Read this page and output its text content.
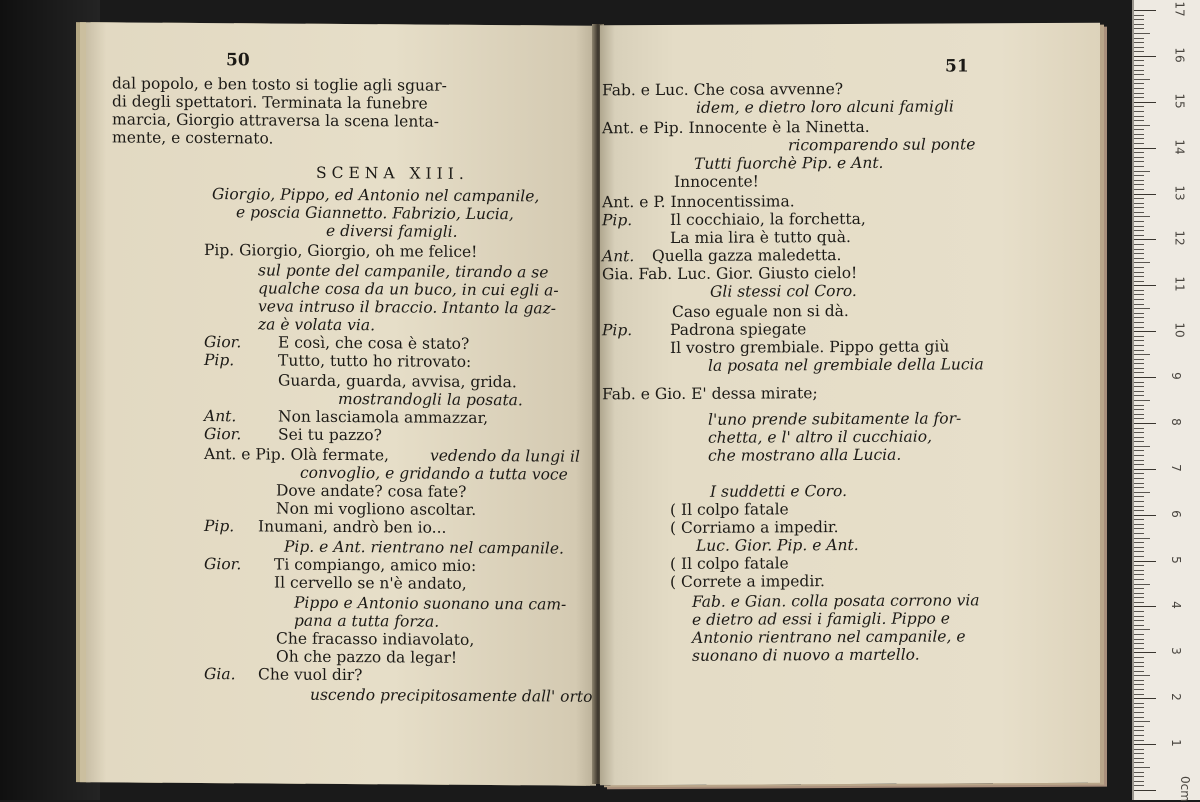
50
dal popolo, e ben tosto si toglie agli sguar-
di degli spettatori. Terminata la funebre
marcia, Giorgio attraversa la scena lenta-
mente, e costernato.
SCENA XIII.
Giorgio, Pippo, ed Antonio nel campanile,
e poscia Giannetto. Fabrizio, Lucia,
e diversi famigli.
Pip. Giorgio, Giorgio, oh me felice!
sul ponte del campanile, tirando a se
qualche cosa da un buco, in cui egli a-
veva intruso il braccio. Intanto la gaz-
za è volata via.
Gior. E così, che cosa è stato?
Pip.	Tutto, tutto ho ritrovato:
Guarda, guarda, avvisa, grida.
mostrandogli la posata.
Ant.	Non lasciamola ammazzar,
Gior. Sei tu pazzo?
Ant. e Pip. Olà fermate,	vedendo da lungi il
convoglio, e gridando a tutta voce
Dove andate? cosa fate?
Non mi vogliono ascoltar.
Pip. Inumani, andrò ben io...
Pip. e Ant. rientrano nel campanile.
Gior. Ti compiango, amico mio:
Il cervello se n'è andato,
Pippo e Antonio suonano una cam-
pana a tutta forza.
Che fracasso indiavolato,
Oh che pazzo da legar!
Gia. Che vuol dir?
uscendo precipitosamente dall' orto
51
Fab. e Luc. Che cosa avvenne?
idem, e dietro loro alcuni famigli
Ant. e Pip. Innocente è la Ninetta.
ricomparendo sul ponte
Tutti fuorchè Pip. e Ant.
Innocente!
Ant. e P. Innocentissima.
Pip. Il cocchiaio, la forchetta,
La mia lira è tutto quà.
Ant. Quella gazza maledetta.
Gia. Fab. Luc. Gior. Giusto cielo!
Gli stessi col Coro.
Caso eguale non si dà.
Pip. Padrona spiegate
Il vostro grembiale. Pippo getta giù
la posata nel grembiale della Lucia
Fab. e Gio. E' dessa mirate;
l'uno prende subitamente la for-
chetta, e l' altro il cucchiaio,
che mostrano alla Lucia.
I suddetti e Coro.
( Il colpo fatale
( Corriamo a impedir.
Luc. Gior. Pip. e Ant.
( Il colpo fatale
( Correte a impedir.
Fab. e Gian. colla posata corrono via
e dietro ad essi i famigli. Pippo e
Antonio rientrano nel campanile, e
suonano di nuovo a martello.
0cm
1
2
3
4
5
6
7
8
9
10
11
12
13
14
15
16
17
